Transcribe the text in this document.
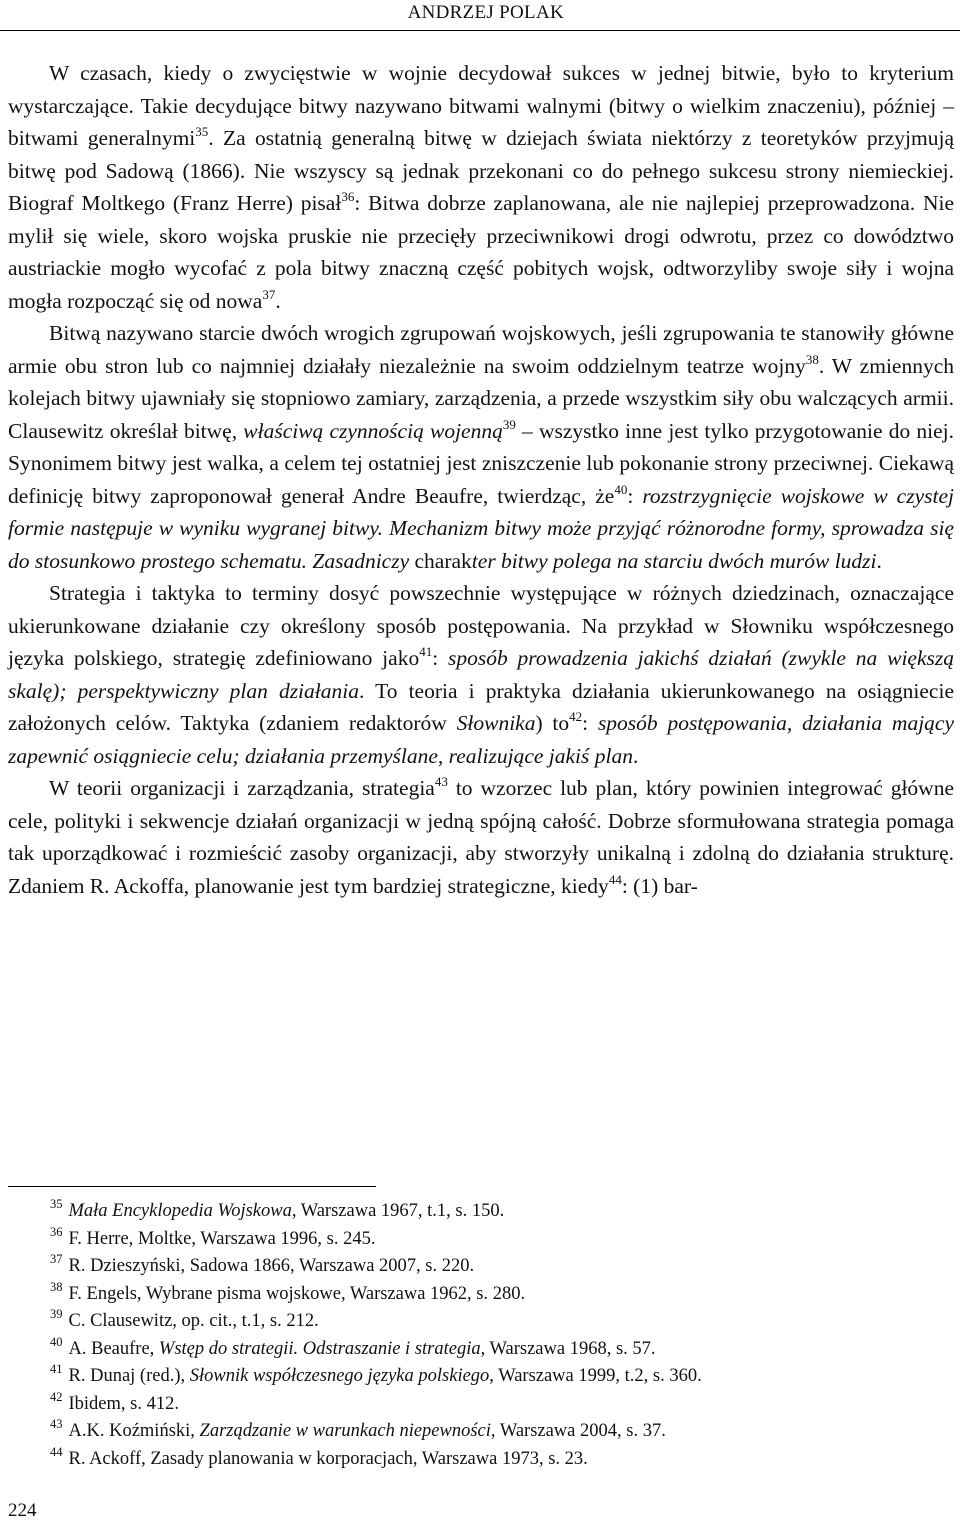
ANDRZEJ POLAK

W czasach, kiedy o zwycięstwie w wojnie decydował sukces w jednej bitwie, było to kryterium wystarczające. Takie decydujące bitwy nazywano bitwami walnymi (bitwy o wielkim znaczeniu), później – bitwami generalnymi$^{35}$. Za ostatnią generalną bitwę w dziejach świata niektórzy z teoretyków przyjmują bitwę pod Sadową (1866). Nie wszyscy są jednak przekonani co do pełnego sukcesu strony niemieckiej. Biograf Moltkego (Franz Herre) pisał$^{36}$: Bitwa dobrze zaplanowana, ale nie najlepiej przeprowadzona. Nie mylił się wiele, skoro wojska pruskie nie przecięły przeciwnikowi drogi odwrotu, przez co dowództwo austriackie mogło wycofać z pola bitwy znaczną część pobitych wojsk, odtworzyliby swoje siły i wojna mogła rozpocząć się od nowa$^{37}$.

Bitwą nazywano starcie dwóch wrogich zgrupowań wojskowych, jeśli zgrupowania te stanowiły główne armie obu stron lub co najmniej działały niezależnie na swoim oddzielnym teatrze wojny$^{38}$. W zmiennych kolejach bitwy ujawniały się stopniowo zamiary, zarządzenia, a przede wszystkim siły obu walczących armii. Clausewitz określał bitwę, właściwą czynnością wojenną$^{39}$ – wszystko inne jest tylko przygotowanie do niej. Synonimem bitwy jest walka, a celem tej ostatniej jest zniszczenie lub pokonanie strony przeciwnej. Ciekawą definicję bitwy zaproponował generał Andre Beaufre, twierdząc, $że^{40}$: rozstrzygnięcie wojskowe w czystej formie następuje w wyniku wygranej bitwy. Mechanizm bitwy może przyjąć różnorodne formy, sprowadza się do stosunkowo prostego schematu. Zasadniczy charakter bitwy polega na starciu dwóch murów ludzi.

Strategia i taktyka to terminy dosyć powszechnie występujące w różnych dziedzinach, oznaczające ukierunkowane działanie czy określony sposób postępowania. Na przykład w Słowniku współczesnego języka polskiego, strategię zdefiniowano jako$^{41}$: sposób prowadzenia jakichś działań (zwykle na większą skalę); perspektywiczny plan działania. To teoria i praktyka działania ukierunkowanego na osiągniecie założonych celów. Taktyka (zdaniem redaktorów Słownika) $to^{42}$: sposób postępowania, działania mający zapewnić osiągniecie celu; działania przemyślane, realizujące jakiś plan.

W teorii organizacji i zarządzania, strategia$^{43}$ to wzorzec lub plan, który powinien integrować główne cele, polityki i sekwencje działań organizacji w jedną spójną całość. Dobrze sformułowana strategia pomaga tak uporządkować i rozmieścić zasoby organizacji, aby stworzyły unikalną i zdolną do działania strukturę. Zdaniem R. Ackoffa, planowanie jest tym bardziej strategiczne, kiedy$^{44}$: (1) bar-

$^{35}$ Mała Encyklopedia Wojskowa, Warszawa 1967, t.1, s. 150.
$^{36}$ F. Herre, Moltke, Warszawa 1996, s. 245.
$^{37}$ R. Dzieszyński, Sadowa 1866, Warszawa 2007, s. 220.
$^{38}$ F. Engels, Wybrane pisma wojskowe, Warszawa 1962, s. 280.
$^{39}$ C. Clausewitz, op. cit., t.1, s. 212.
$^{40}$ A. Beaufre, Wstęp do strategii. Odstraszanie i strategia, Warszawa 1968, s. 57.
$^{41}$ R. Dunaj (red.), Słownik współczesnego języka polskiego, Warszawa 1999, t.2, s. 360.
$^{42}$ Ibidem, s. 412.
$^{43}$ A.K. Koźmiński, Zarządzanie w warunkach niepewności, Warszawa 2004, s. 37.
$^{44}$ R. Ackoff, Zasady planowania w korporacjach, Warszawa 1973, s. 23.
224
